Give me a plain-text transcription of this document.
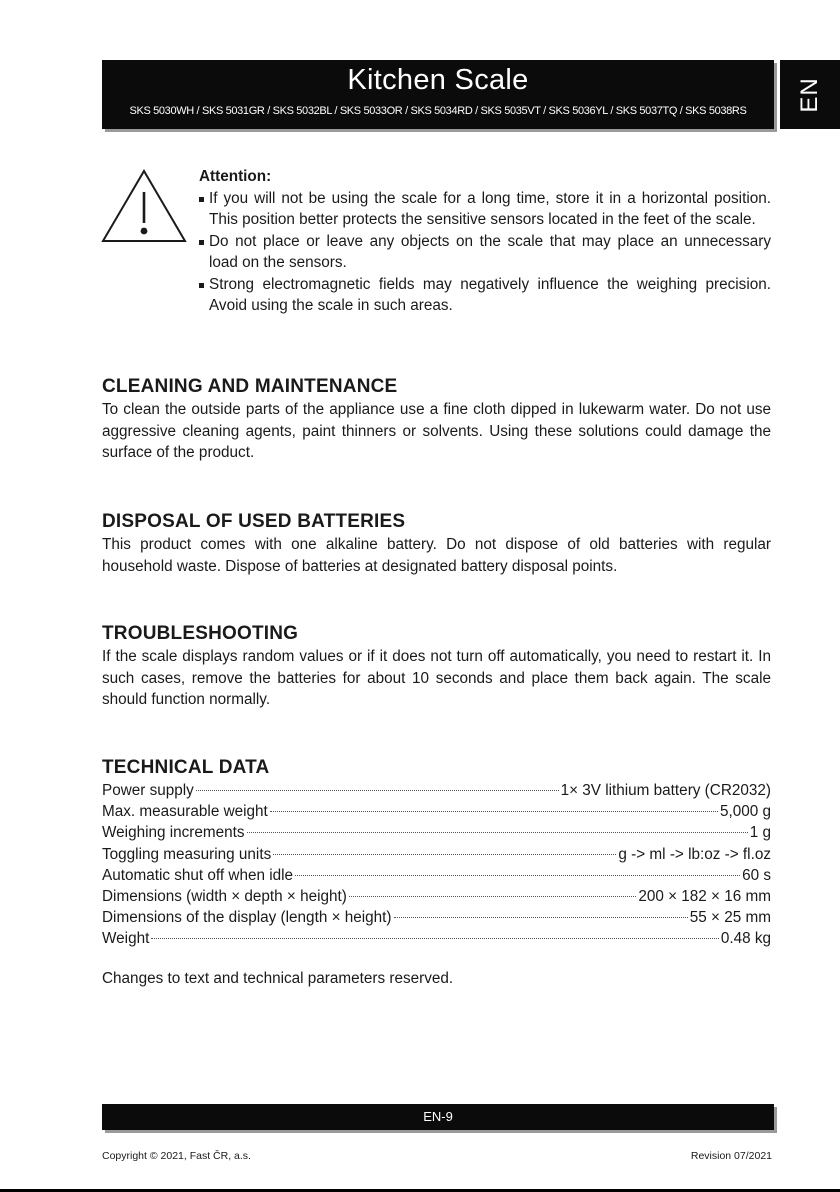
Kitchen Scale
SKS 5030WH / SKS 5031GR / SKS 5032BL / SKS 5033OR / SKS 5034RD / SKS 5035VT / SKS 5036YL / SKS 5037TQ / SKS 5038RS	EN
Attention:
If you will not be using the scale for a long time, store it in a horizontal position. This position better protects the sensitive sensors located in the feet of the scale.
Do not place or leave any objects on the scale that may place an unnecessary load on the sensors.
Strong electromagnetic fields may negatively influence the weighing precision. Avoid using the scale in such areas.
CLEANING AND MAINTENANCE

To clean the outside parts of the appliance use a fine cloth dipped in lukewarm water. Do not use aggressive cleaning agents, paint thinners or solvents. Using these solutions could damage the surface of the product.

DISPOSAL OF USED BATTERIES

This product comes with one alkaline battery. Do not dispose of old batteries with regular household waste. Dispose of batteries at designated battery disposal points.

TROUBLESHOOTING

If the scale displays random values or if it does not turn off automatically, you need to restart it. In such cases, remove the batteries for about 10 seconds and place them back again. The scale should function normally.

TECHNICAL DATA
Power supply	1× 3V lithium battery (CR2032)
Max. measurable weight	5,000 g
Weighing increments	1 g
Toggling measuring units	g -> ml -> lb:oz -> fl.oz
Automatic shut off when idle	60 s
Dimensions (width × depth × height)	200 × 182 × 16 mm
Dimensions of the display (length × height)	55 × 25 mm
Weight	0.48 kg
Changes to text and technical parameters reserved.
EN-9
Copyright © 2021, Fast ČR, a.s.	Revision 07/2021
